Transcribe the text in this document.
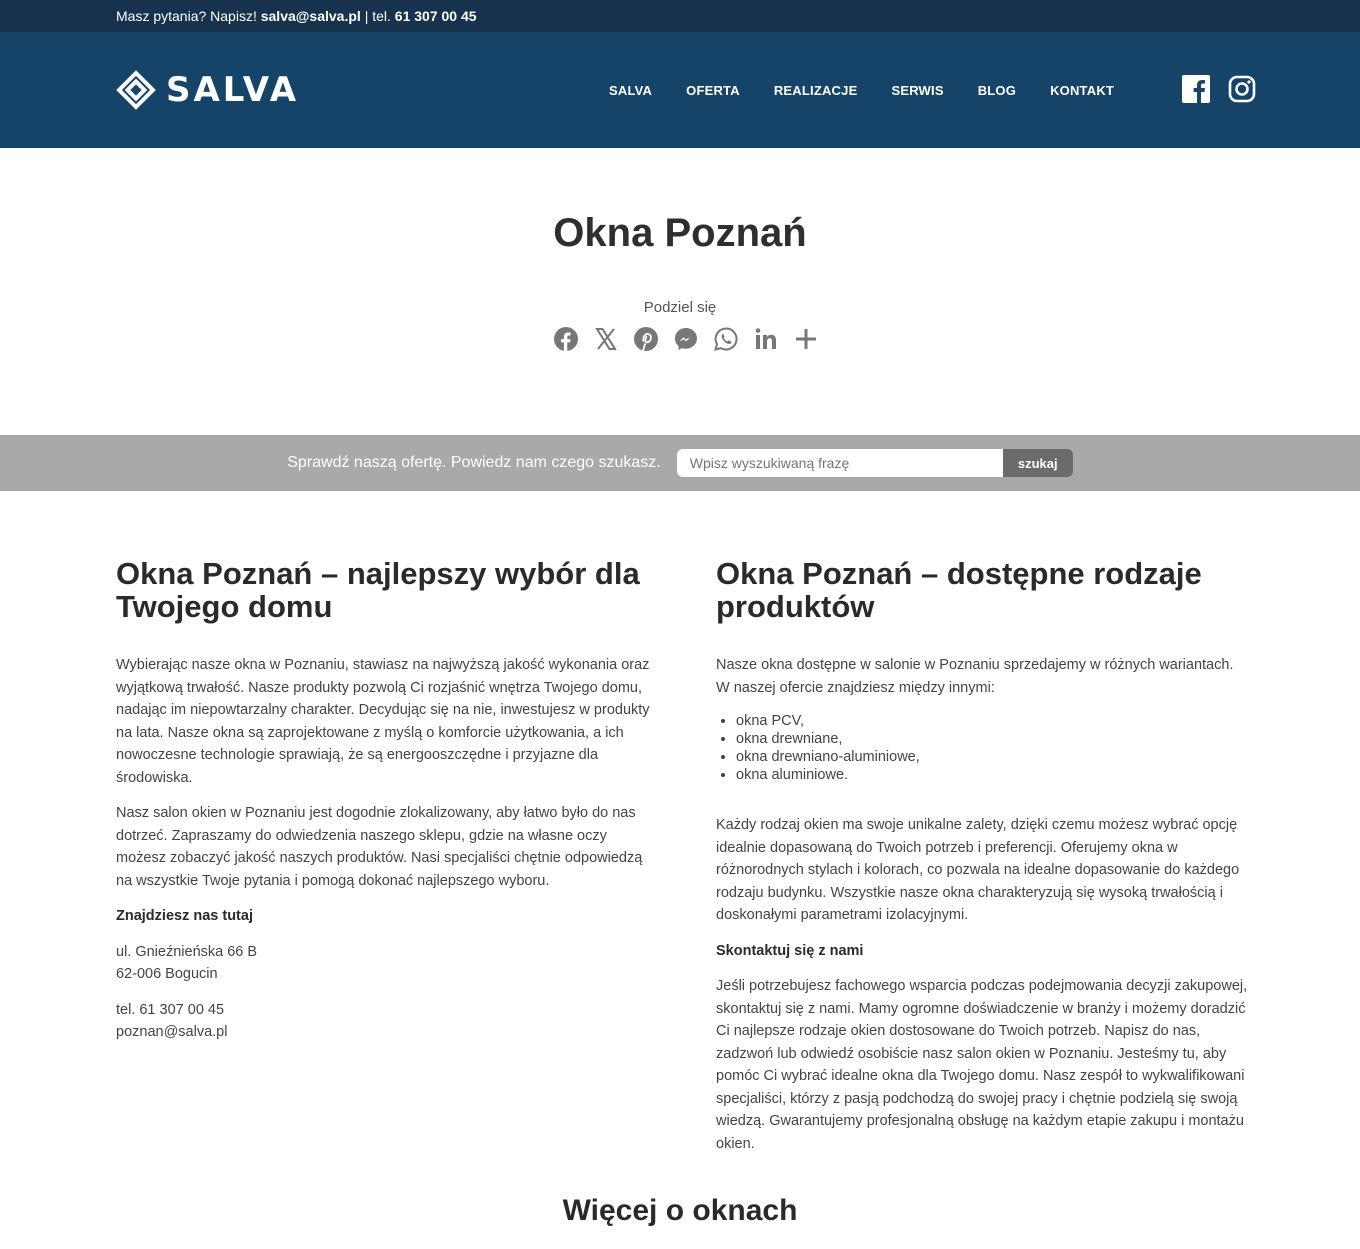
Masz pytania? Napisz! salva@salva.pl | tel. 61 307 00 45
SALVA	SALVA	OFERTA	REALIZACJE	SERWIS	BLOG	KONTAKT
Okna Poznań
Podziel się
Sprawdź naszą ofertę. Powiedz nam czego szukasz.
Wpisz wyszukiwaną frazę	szukaj
Okna Poznań – najlepszy wybór dla Twojego domu

Wybierając nasze okna w Poznaniu, stawiasz na najwyższą jakość wykonania oraz wyjątkową trwałość. Nasze produkty pozwolą Ci rozjaśnić wnętrza Twojego domu, nadając im niepowtarzalny charakter. Decydując się na nie, inwestujesz w produkty na lata. Nasze okna są zaprojektowane z myślą o komforcie użytkowania, a ich nowoczesne technologie sprawiają, że są energooszczędne i przyjazne dla środowiska.

Nasz salon okien w Poznaniu jest dogodnie zlokalizowany, aby łatwo było do nas dotrzeć. Zapraszamy do odwiedzenia naszego sklepu, gdzie na własne oczy możesz zobaczyć jakość naszych produktów. Nasi specjaliści chętnie odpowiedzą na wszystkie Twoje pytania i pomogą dokonać najlepszego wyboru.

Znajdziesz nas tutaj

ul. Gnieźnieńska 66 B
62-006 Bogucin

tel. 61 307 00 45
poznan@salva.pl

Okna Poznań – dostępne rodzaje produktów

Nasze okna dostępne w salonie w Poznaniu sprzedajemy w różnych wariantach. W naszej ofercie znajdziesz między innymi:

• okna PCV,
• okna drewniane,
• okna drewniano-aluminiowe,
• okna aluminiowe.

Każdy rodzaj okien ma swoje unikalne zalety, dzięki czemu możesz wybrać opcję idealnie dopasowaną do Twoich potrzeb i preferencji. Oferujemy okna w różnorodnych stylach i kolorach, co pozwala na idealne dopasowanie do każdego rodzaju budynku. Wszystkie nasze okna charakteryzują się wysoką trwałością i doskonałymi parametrami izolacyjnymi.

Skontaktuj się z nami

Jeśli potrzebujesz fachowego wsparcia podczas podejmowania decyzji zakupowej, skontaktuj się z nami. Mamy ogromne doświadczenie w branży i możemy doradzić Ci najlepsze rodzaje okien dostosowane do Twoich potrzeb. Napisz do nas, zadzwoń lub odwiedź osobiście nasz salon okien w Poznaniu. Jesteśmy tu, aby pomóc Ci wybrać idealne okna dla Twojego domu. Nasz zespół to wykwalifikowani specjaliści, którzy z pasją podchodzą do swojej pracy i chętnie podzielą się swoją wiedzą. Gwarantujemy profesjonalną obsługę na każdym etapie zakupu i montażu okien.

Więcej o oknach
